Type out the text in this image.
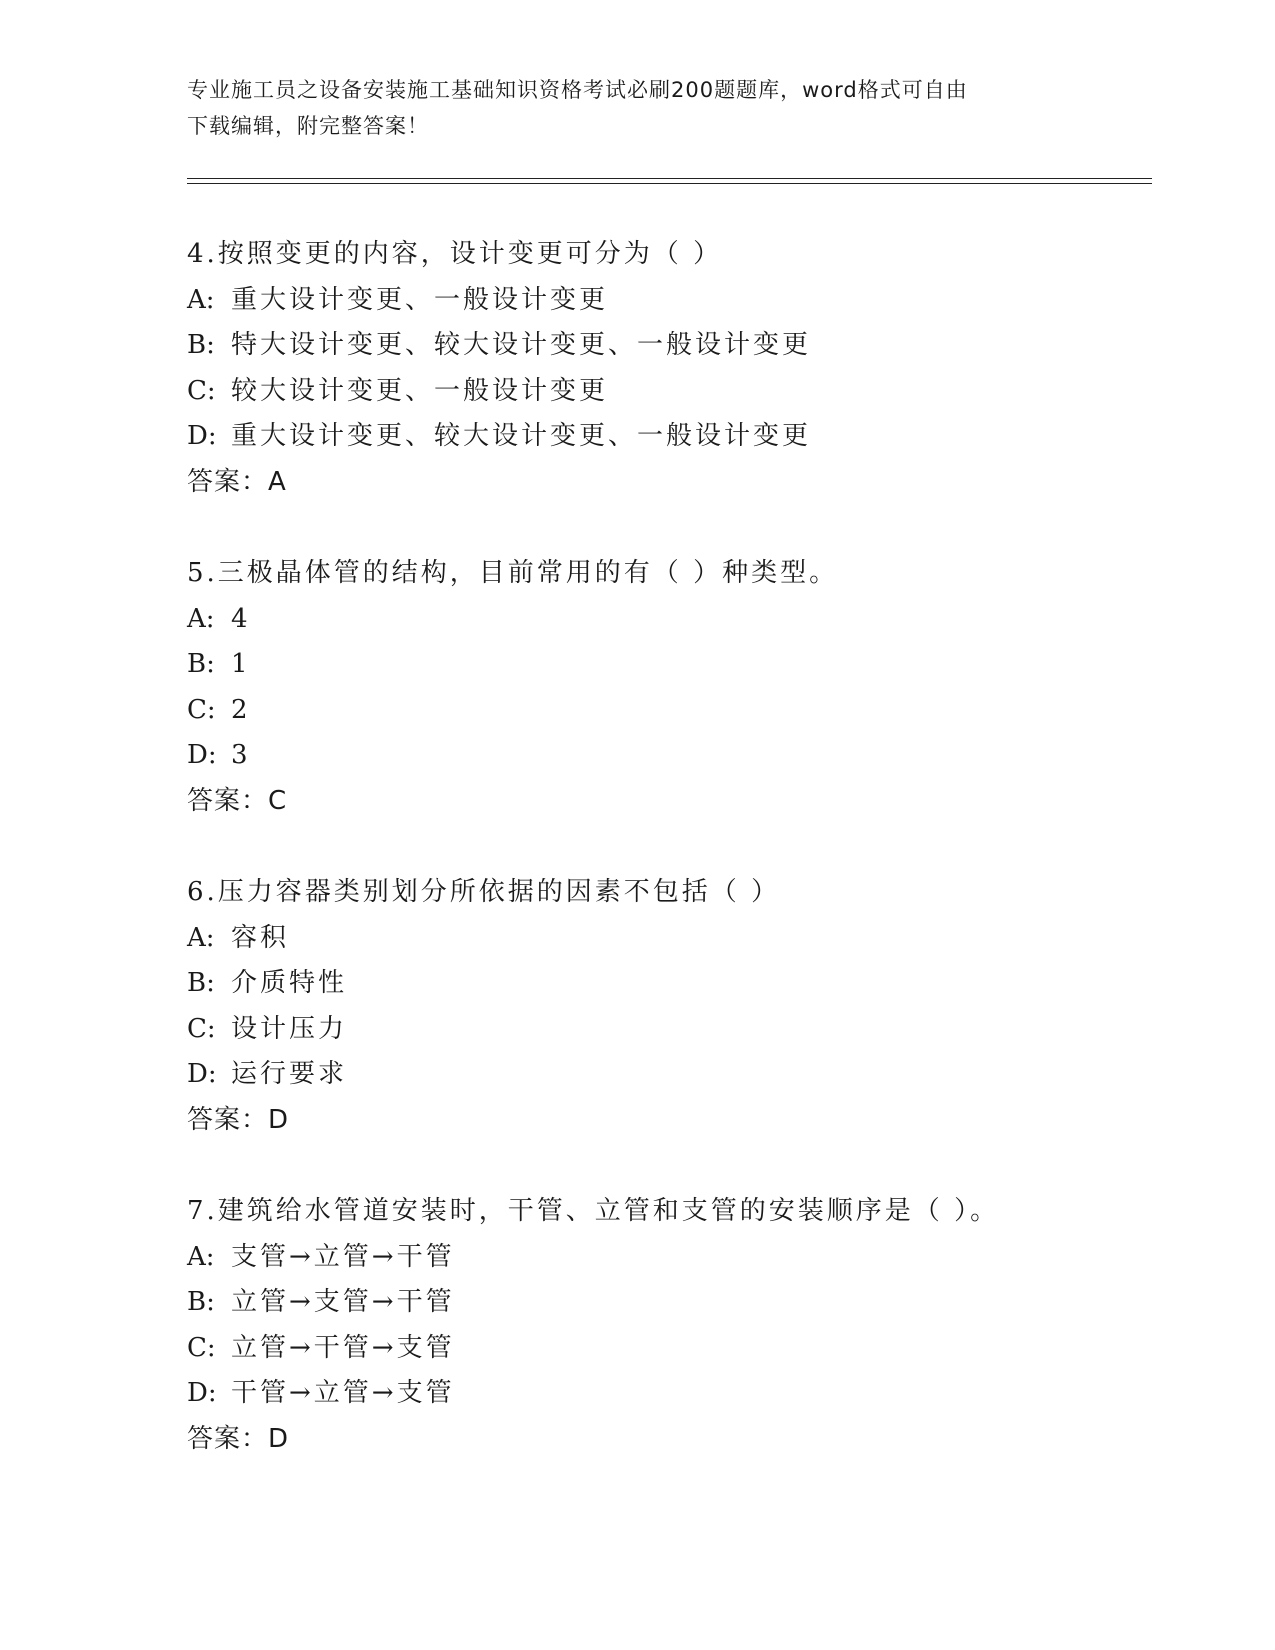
专业施工员之设备安装施工基础知识资格考试必刷200题题库，word格式可自由
下载编辑，附完整答案！
4.按照变更的内容，设计变更可分为（ ）
A: 重大设计变更、一般设计变更
B: 特大设计变更、较大设计变更、一般设计变更
C: 较大设计变更、一般设计变更
D: 重大设计变更、较大设计变更、一般设计变更
答案：A
5.三极晶体管的结构，目前常用的有（ ）种类型。
A: 4
B: 1
C: 2
D: 3
答案：C
6.压力容器类别划分所依据的因素不包括（ ）
A: 容积
B: 介质特性
C: 设计压力
D: 运行要求
答案：D
7.建筑给水管道安装时，干管、立管和支管的安装顺序是（ ）。
A: 支管→立管→干管
B: 立管→支管→干管
C: 立管→干管→支管
D: 干管→立管→支管
答案：D
